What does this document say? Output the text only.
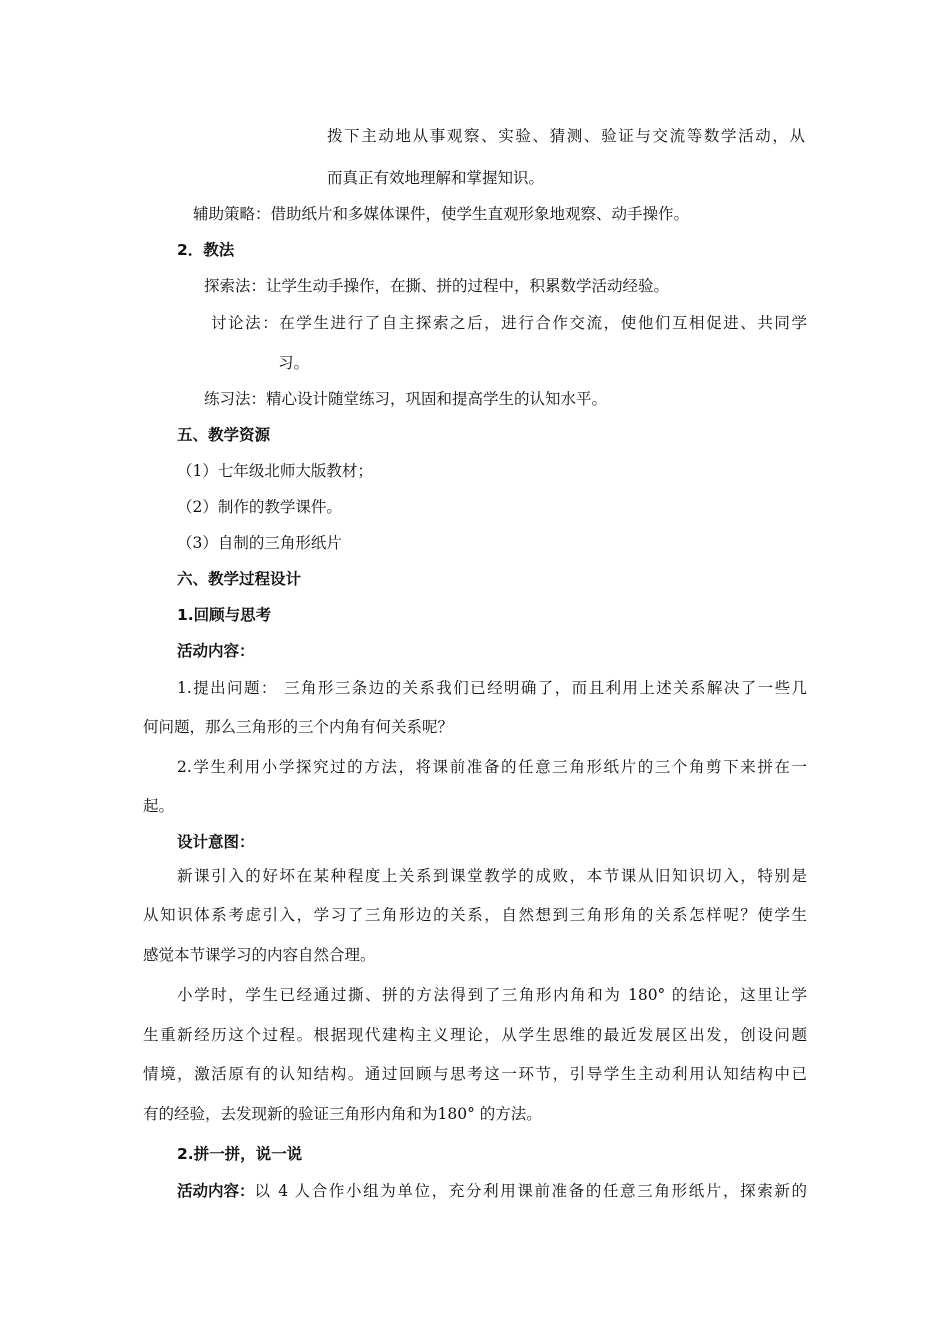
拨下主动地从事观察、实验、猜测、验证与交流等数学活动，从
而真正有效地理解和掌握知识。
辅助策略：借助纸片和多媒体课件，使学生直观形象地观察、动手操作。
2．教法
探索法：让学生动手操作，在撕、拼的过程中，积累数学活动经验。
讨论法：在学生进行了自主探索之后，进行合作交流，使他们互相促进、共同学
习。
练习法：精心设计随堂练习，巩固和提高学生的认知水平。
五、教学资源
（1）七年级北师大版教材；
（2）制作的教学课件。
（3）自制的三角形纸片
六、教学过程设计
1.回顾与思考
活动内容：
1.提出问题： 三角形三条边的关系我们已经明确了，而且利用上述关系解决了一些几
何问题，那么三角形的三个内角有何关系呢？
2.学生利用小学探究过的方法，将课前准备的任意三角形纸片的三个角剪下来拼在一
起。
设计意图：
新课引入的好坏在某种程度上关系到课堂教学的成败，本节课从旧知识切入，特别是
从知识体系考虑引入，学习了三角形边的关系，自然想到三角形角的关系怎样呢？使学生
感觉本节课学习的内容自然合理。
小学时，学生已经通过撕、拼的方法得到了三角形内角和为 180° 的结论，这里让学
生重新经历这个过程。根据现代建构主义理论，从学生思维的最近发展区出发，创设问题
情境，激活原有的认知结构。通过回顾与思考这一环节，引导学生主动利用认知结构中已
有的经验，去发现新的验证三角形内角和为180° 的方法。
2.拼一拼，说一说
活动内容： 以 4 人合作小组为单位，充分利用课前准备的任意三角形纸片，探索新的
